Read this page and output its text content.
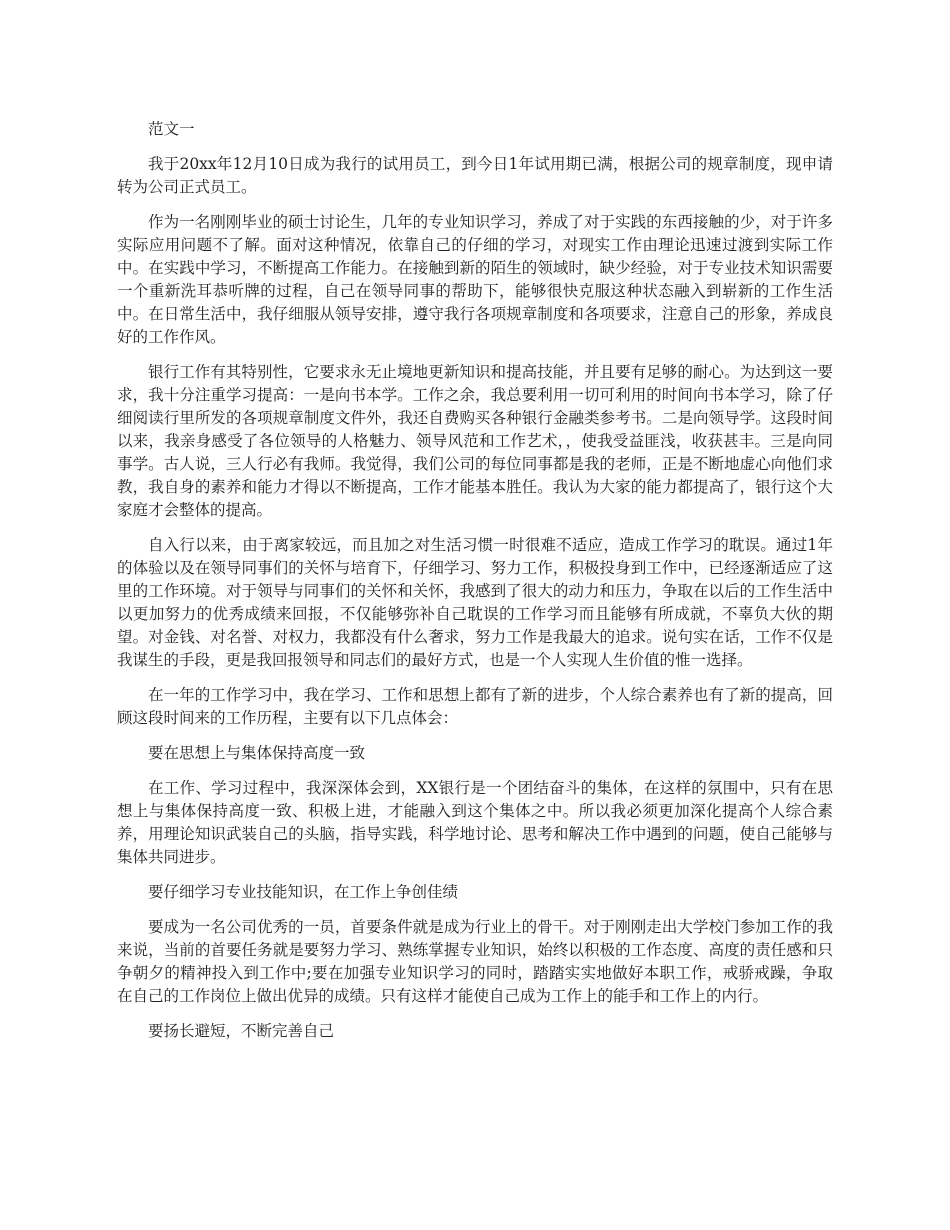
范文一

我于20xx年12月10日成为我行的试用员工，到今日1年试用期已满，根据公司的规章制度，现申请转为公司正式员工。

作为一名刚刚毕业的硕士讨论生，几年的专业知识学习，养成了对于实践的东西接触的少，对于许多实际应用问题不了解。面对这种情况，依靠自己的仔细的学习，对现实工作由理论迅速过渡到实际工作中。在实践中学习，不断提高工作能力。在接触到新的陌生的领域时，缺少经验，对于专业技术知识需要一个重新洗耳恭听牌的过程，自己在领导同事的帮助下，能够很快克服这种状态融入到崭新的工作生活中。在日常生活中，我仔细服从领导安排，遵守我行各项规章制度和各项要求，注意自己的形象，养成良好的工作作风。

银行工作有其特别性，它要求永无止境地更新知识和提高技能，并且要有足够的耐心。为达到这一要求，我十分注重学习提高：一是向书本学。工作之余，我总要利用一切可利用的时间向书本学习，除了仔细阅读行里所发的各项规章制度文件外，我还自费购买各种银行金融类参考书。二是向领导学。这段时间以来，我亲身感受了各位领导的人格魅力、领导风范和工作艺术，，使我受益匪浅，收获甚丰。三是向同事学。古人说，三人行必有我师。我觉得，我们公司的每位同事都是我的老师，正是不断地虚心向他们求教，我自身的素养和能力才得以不断提高，工作才能基本胜任。我认为大家的能力都提高了，银行这个大家庭才会整体的提高。

自入行以来，由于离家较远，而且加之对生活习惯一时很难不适应，造成工作学习的耽误。通过1年的体验以及在领导同事们的关怀与培育下，仔细学习、努力工作，积极投身到工作中，已经逐渐适应了这里的工作环境。对于领导与同事们的关怀和关怀，我感到了很大的动力和压力，争取在以后的工作生活中以更加努力的优秀成绩来回报，不仅能够弥补自己耽误的工作学习而且能够有所成就，不辜负大伙的期望。对金钱、对名誉、对权力，我都没有什么奢求，努力工作是我最大的追求。说句实在话，工作不仅是我谋生的手段，更是我回报领导和同志们的最好方式，也是一个人实现人生价值的惟一选择。

在一年的工作学习中，我在学习、工作和思想上都有了新的进步，个人综合素养也有了新的提高，回顾这段时间来的工作历程，主要有以下几点体会：

要在思想上与集体保持高度一致

在工作、学习过程中，我深深体会到，XX银行是一个团结奋斗的集体，在这样的氛围中，只有在思想上与集体保持高度一致、积极上进，才能融入到这个集体之中。所以我必须更加深化提高个人综合素养，用理论知识武装自己的头脑，指导实践，科学地讨论、思考和解决工作中遇到的问题，使自己能够与集体共同进步。

要仔细学习专业技能知识，在工作上争创佳绩

要成为一名公司优秀的一员，首要条件就是成为行业上的骨干。对于刚刚走出大学校门参加工作的我来说，当前的首要任务就是要努力学习、熟练掌握专业知识，始终以积极的工作态度、高度的责任感和只争朝夕的精神投入到工作中;要在加强专业知识学习的同时，踏踏实实地做好本职工作，戒骄戒躁，争取在自己的工作岗位上做出优异的成绩。只有这样才能使自己成为工作上的能手和工作上的内行。

要扬长避短，不断完善自己
